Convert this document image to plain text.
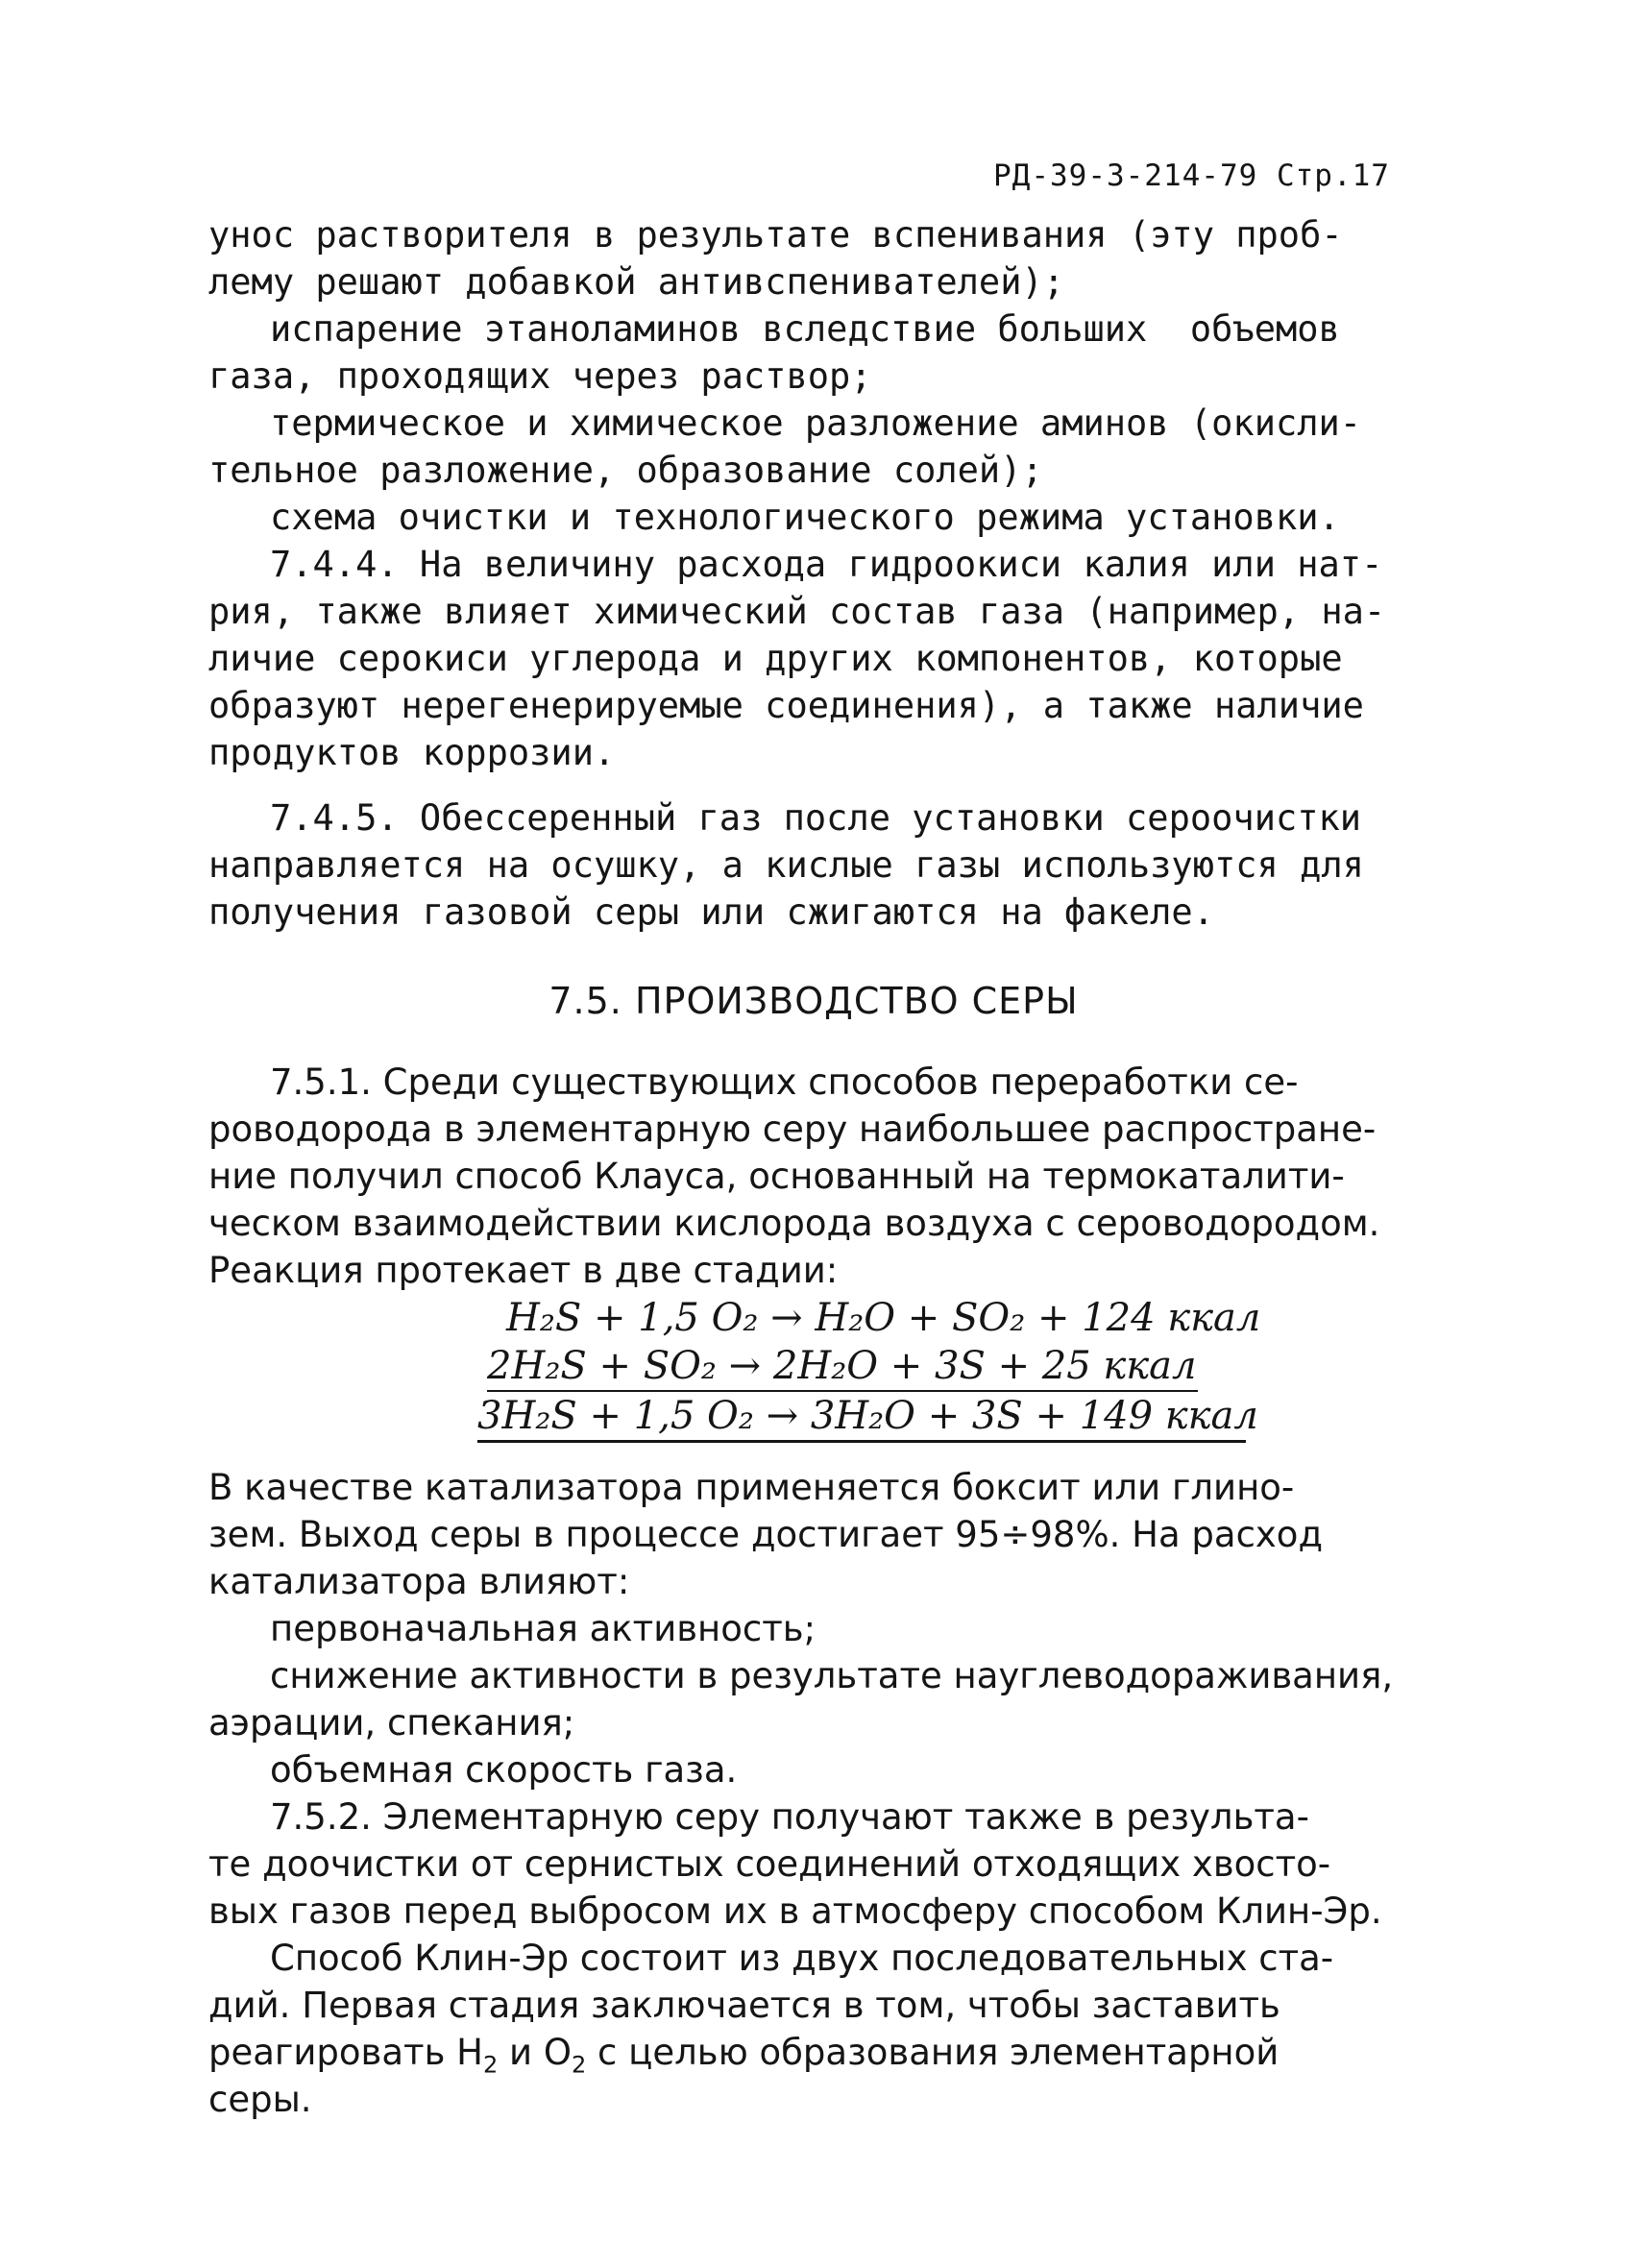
РД-39-3-214-79 Стр.17
унос растворителя в результате вспенивания (эту проб-
лему решают добавкой антивспенивателей);
испарение этаноламинов вследствие больших  объемов
газа, проходящих через раствор;
термическое и химическое разложение аминов (окисли-
тельное разложение, образование солей);
схема очистки и технологического режима установки.
7.4.4. На величину расхода гидроокиси калия или нат-
рия, также влияет химический состав газа (например, на-
личие серокиси углерода и других компонентов, которые
образуют нерегенерируемые соединения), а также наличие
продуктов коррозии.
7.4.5. Обессеренный газ после установки сероочистки
направляется на осушку, а кислые газы используются для
получения газовой серы или сжигаются на факеле.
7.5. ПРОИЗВОДСТВО СЕРЫ
7.5.1. Среди существующих способов переработки се-
роводорода в элементарную серу наибольшее распростране-
ние получил способ Клауса, основанный на термокаталити-
ческом взаимодействии кислорода воздуха с сероводородом.
Реакция протекает в две стадии:
H₂S + 1,5 O₂ → H₂O + SO₂ + 124 ккал
2H₂S + SO₂ → 2H₂O + 3S + 25 ккал
3H₂S + 1,5 O₂ → 3H₂O + 3S + 149 ккал
В качестве катализатора применяется боксит или глино-
зем. Выход серы в процессе достигает 95÷98%. На расход
катализатора влияют:
первоначальная активность;
снижение активности в результате науглеводораживания,
аэрации, спекания;
объемная скорость газа.
7.5.2. Элементарную серу получают также в результа-
те доочистки от сернистых соединений отходящих хвосто-
вых газов перед выбросом их в атмосферу способом Клин-Эр.
Способ Клин-Эр состоит из двух последовательных ста-
дий. Первая стадия заключается в том, чтобы заставить
реагировать $H_2$ и $O_2$ с целью образования элементарной
серы.
